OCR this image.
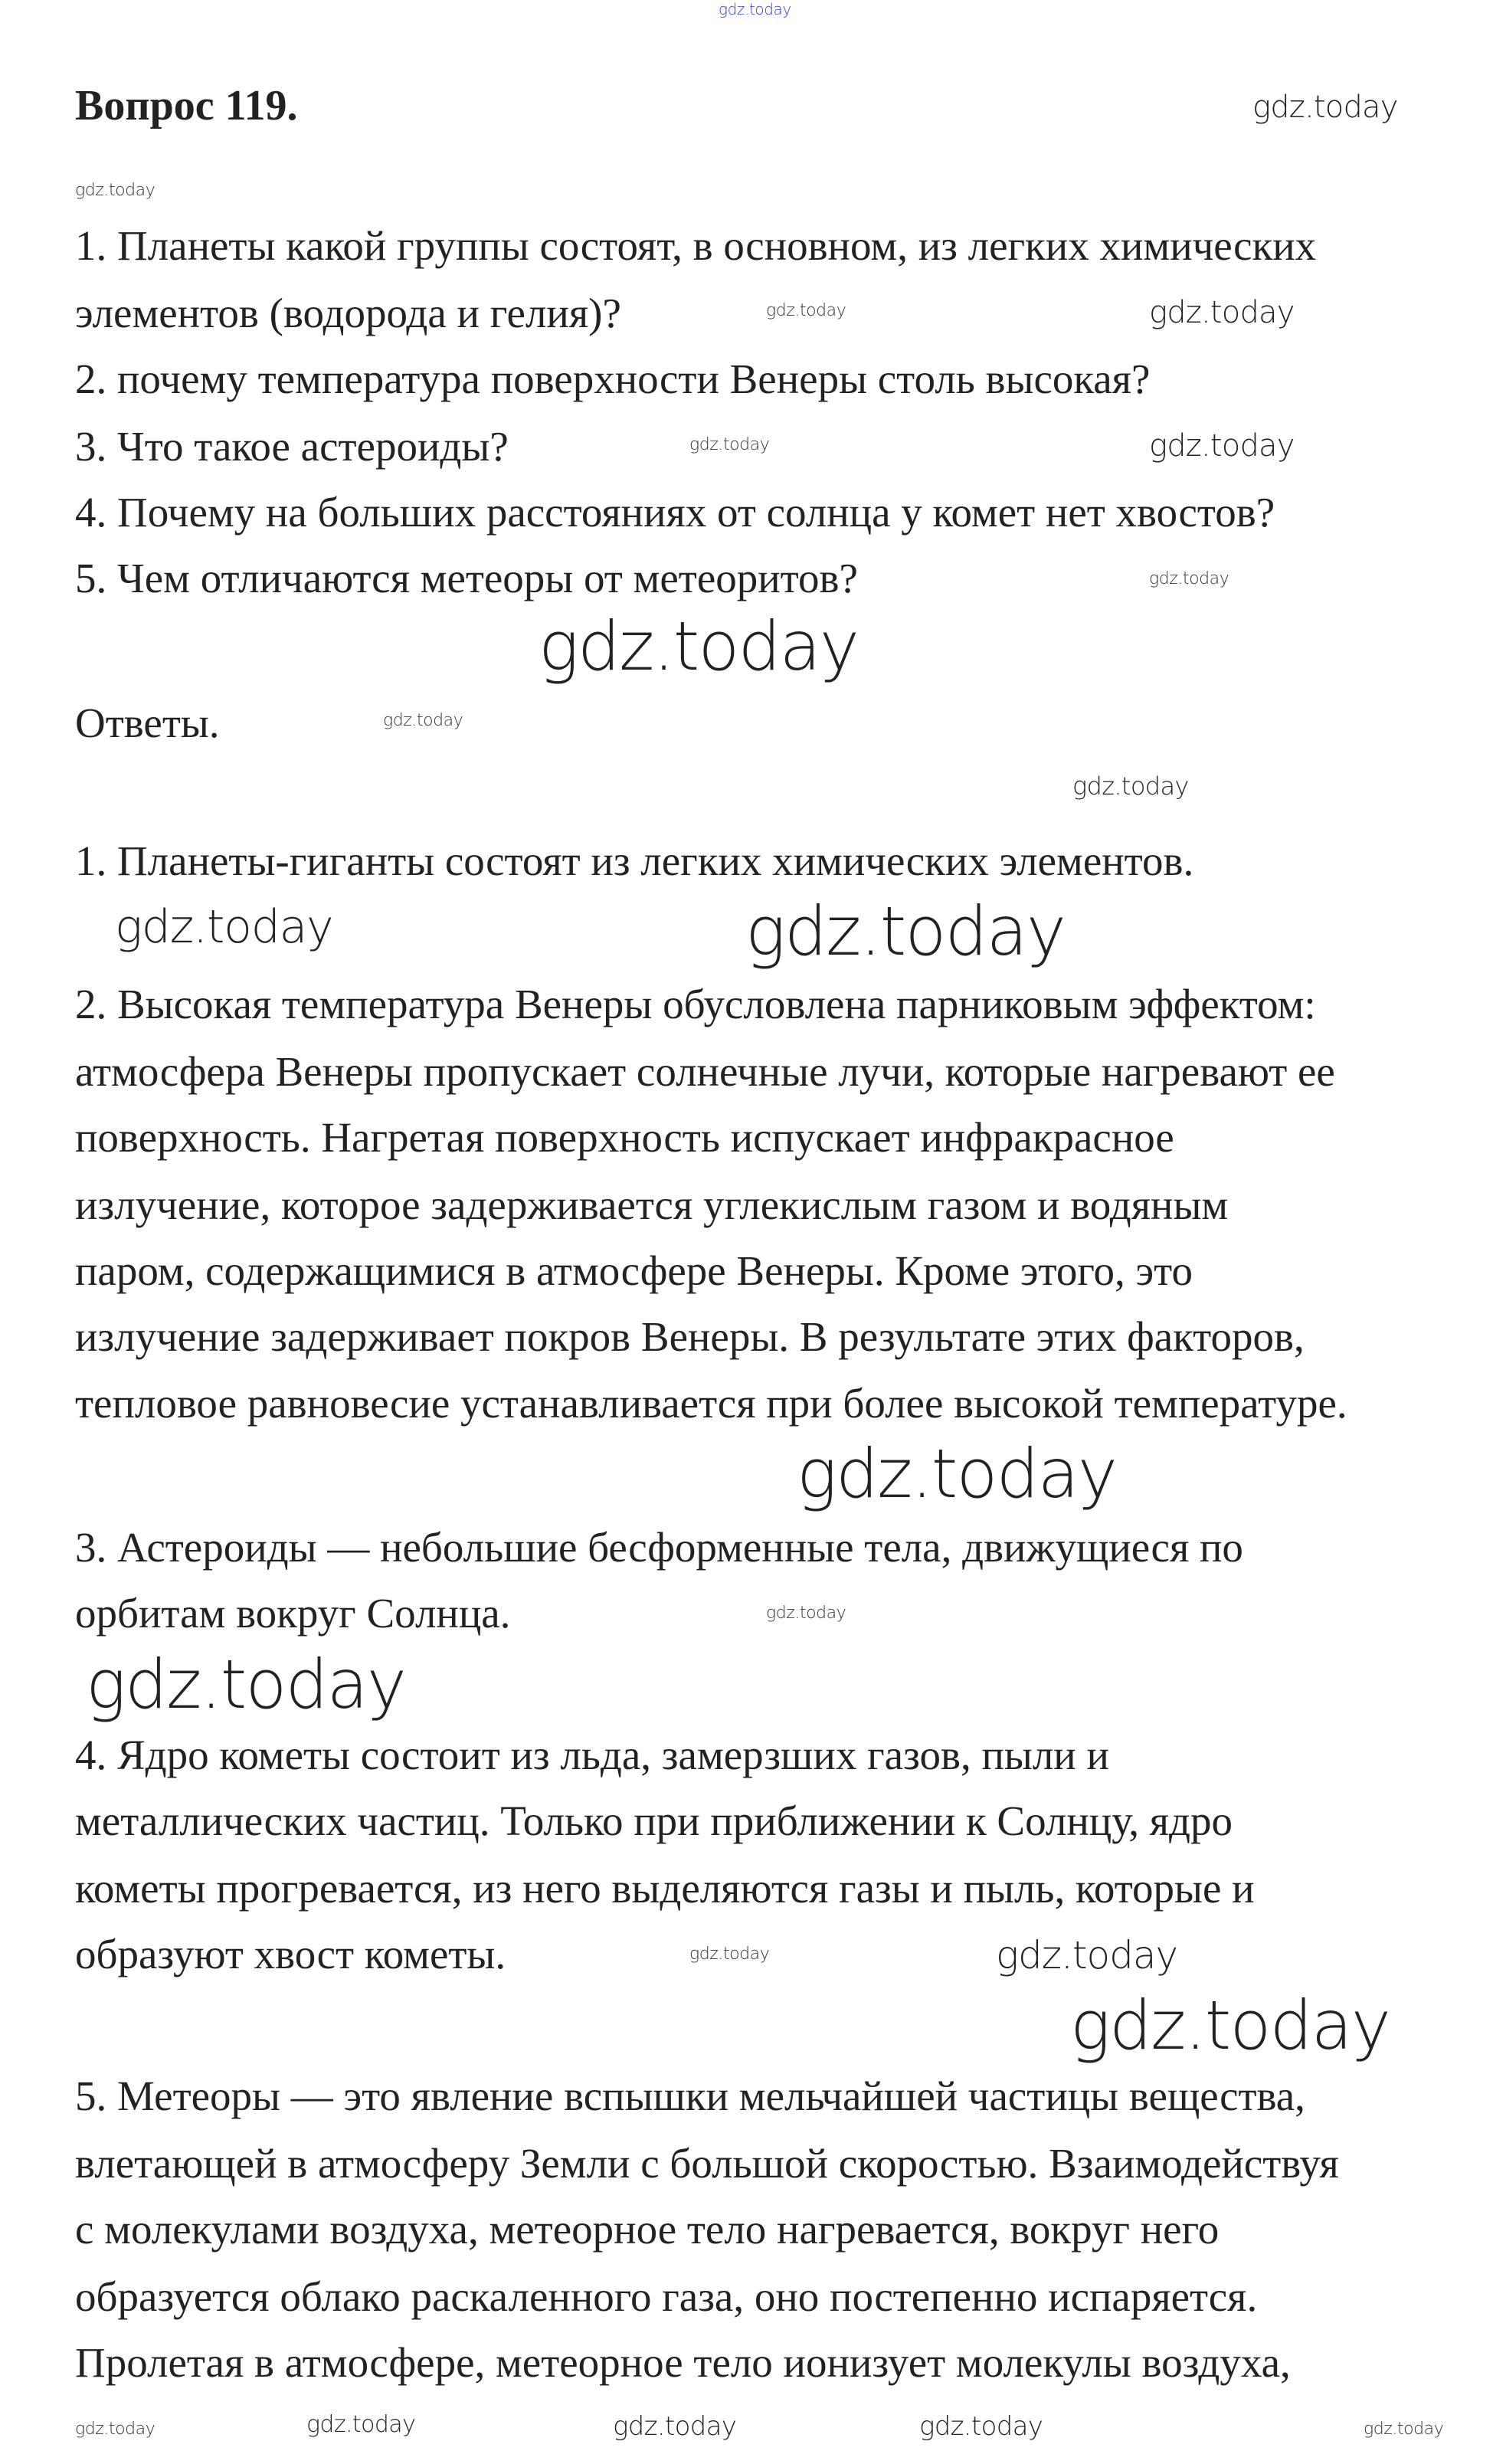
gdz.today
Вопрос 119.
1. Планеты какой группы состоят, в основном, из легких химических
элементов (водорода и гелия)?
2. почему температура поверхности Венеры столь высокая?
3. Что такое астероиды?
4. Почему на больших расстояниях от солнца у комет нет хвостов?
5. Чем отличаются метеоры от метеоритов?
Ответы.
1. Планеты-гиганты состоят из легких химических элементов.
2. Высокая температура Венеры обусловлена парниковым эффектом:
атмосфера Венеры пропускает солнечные лучи, которые нагревают ее
поверхность. Нагретая поверхность испускает инфракрасное
излучение, которое задерживается углекислым газом и водяным
паром, содержащимися в атмосфере Венеры. Кроме этого, это
излучение задерживает покров Венеры. В результате этих факторов,
тепловое равновесие устанавливается при более высокой температуре.
3. Астероиды — небольшие бесформенные тела, движущиеся по
орбитам вокруг Солнца.
4. Ядро кометы состоит из льда, замерзших газов, пыли и
металлических частиц. Только при приближении к Солнцу, ядро
кометы прогревается, из него выделяются газы и пыль, которые и
образуют хвост кометы.
5. Метеоры — это явление вспышки мельчайшей частицы вещества,
влетающей в атмосферу Земли с большой скоростью. Взаимодействуя
с молекулами воздуха, метеорное тело нагревается, вокруг него
образуется облако раскаленного газа, оно постепенно испаряется.
Пролетая в атмосфере, метеорное тело ионизует молекулы воздуха,
gdz.today
gdz.today
gdz.today
gdz.today
gdz.today
gdz.today
gdz.today
gdz.today	gdz.today
gdz.today
gdz.today
gdz.today
gdz.today
gdz.today	gdz.today	gdz.today
gdz.today
gdz.today
gdz.today
gdz.today
gdz.today
gdz.today
gdz.today
